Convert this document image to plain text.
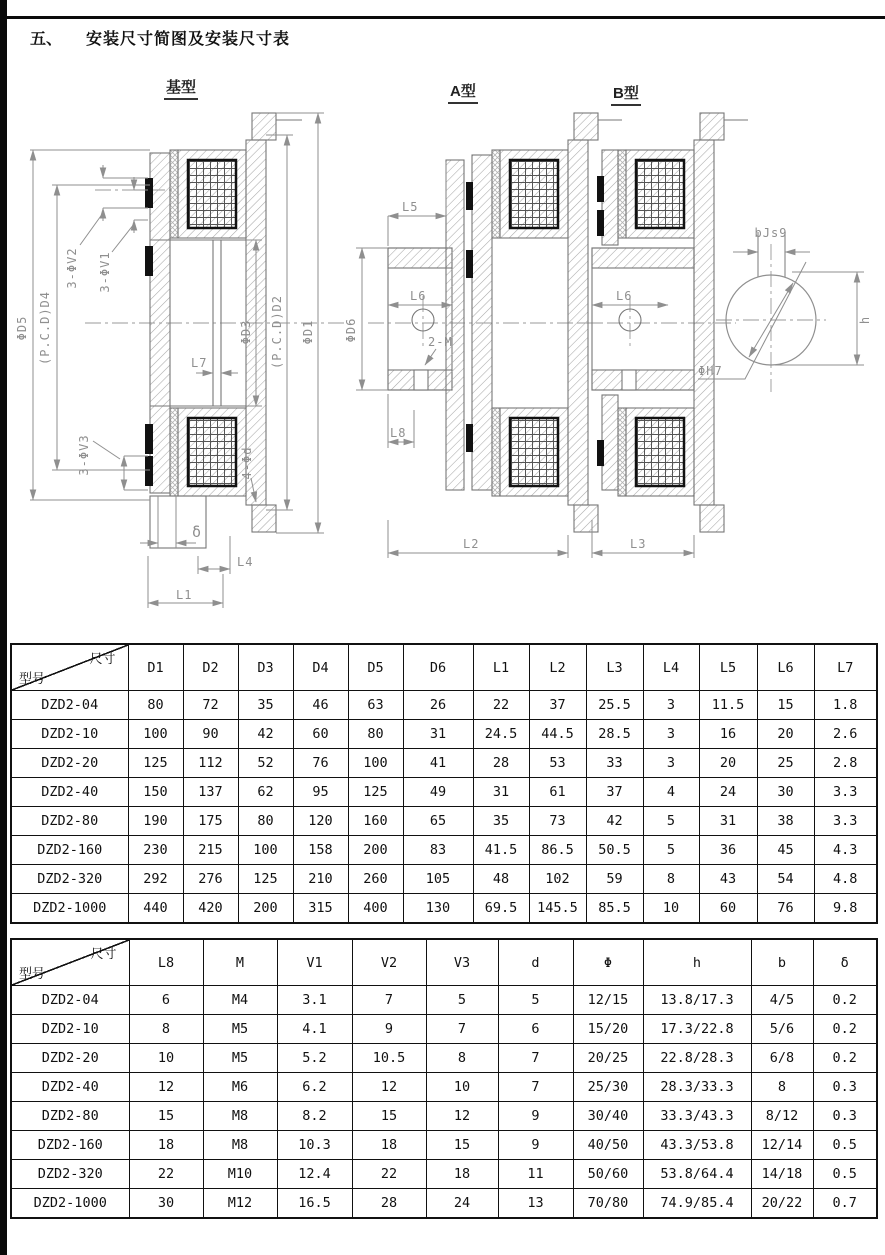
五、 安装尺寸简图及安装尺寸表
基型	A型	B型
ΦD5 (P.C.D)D4
3-ΦV2 3-ΦV1
3-ΦV3
ΦD3 (P.C.D)D2 ΦD1
L7
4-Φd
δ
L4
L1
L5
ΦD6
L6
2-M
L8
L2
L6
L3
bJs9
h
ΦH7
尺寸
型号	D1	D2	D3	D4	D5	D6	L1	L2	L3	L4	L5	L6	L7
DZD2-04	80	72	35	46	63	26	22	37	25.5	3	11.5	15	1.8
DZD2-10	100	90	42	60	80	31	24.5	44.5	28.5	3	16	20	2.6
DZD2-20	125	112	52	76	100	41	28	53	33	3	20	25	2.8
DZD2-40	150	137	62	95	125	49	31	61	37	4	24	30	3.3
DZD2-80	190	175	80	120	160	65	35	73	42	5	31	38	3.3
DZD2-160	230	215	100	158	200	83	41.5	86.5	50.5	5	36	45	4.3
DZD2-320	292	276	125	210	260	105	48	102	59	8	43	54	4.8
DZD2-1000	440	420	200	315	400	130	69.5	145.5	85.5	10	60	76	9.8
尺寸
型号	L8	M	V1	V2	V3	d	Φ	h	b	δ
DZD2-04	6	M4	3.1	7	5	5	12/15	13.8/17.3	4/5	0.2
DZD2-10	8	M5	4.1	9	7	6	15/20	17.3/22.8	5/6	0.2
DZD2-20	10	M5	5.2	10.5	8	7	20/25	22.8/28.3	6/8	0.2
DZD2-40	12	M6	6.2	12	10	7	25/30	28.3/33.3	8	0.3
DZD2-80	15	M8	8.2	15	12	9	30/40	33.3/43.3	8/12	0.3
DZD2-160	18	M8	10.3	18	15	9	40/50	43.3/53.8	12/14	0.5
DZD2-320	22	M10	12.4	22	18	11	50/60	53.8/64.4	14/18	0.5
DZD2-1000	30	M12	16.5	28	24	13	70/80	74.9/85.4	20/22	0.7
